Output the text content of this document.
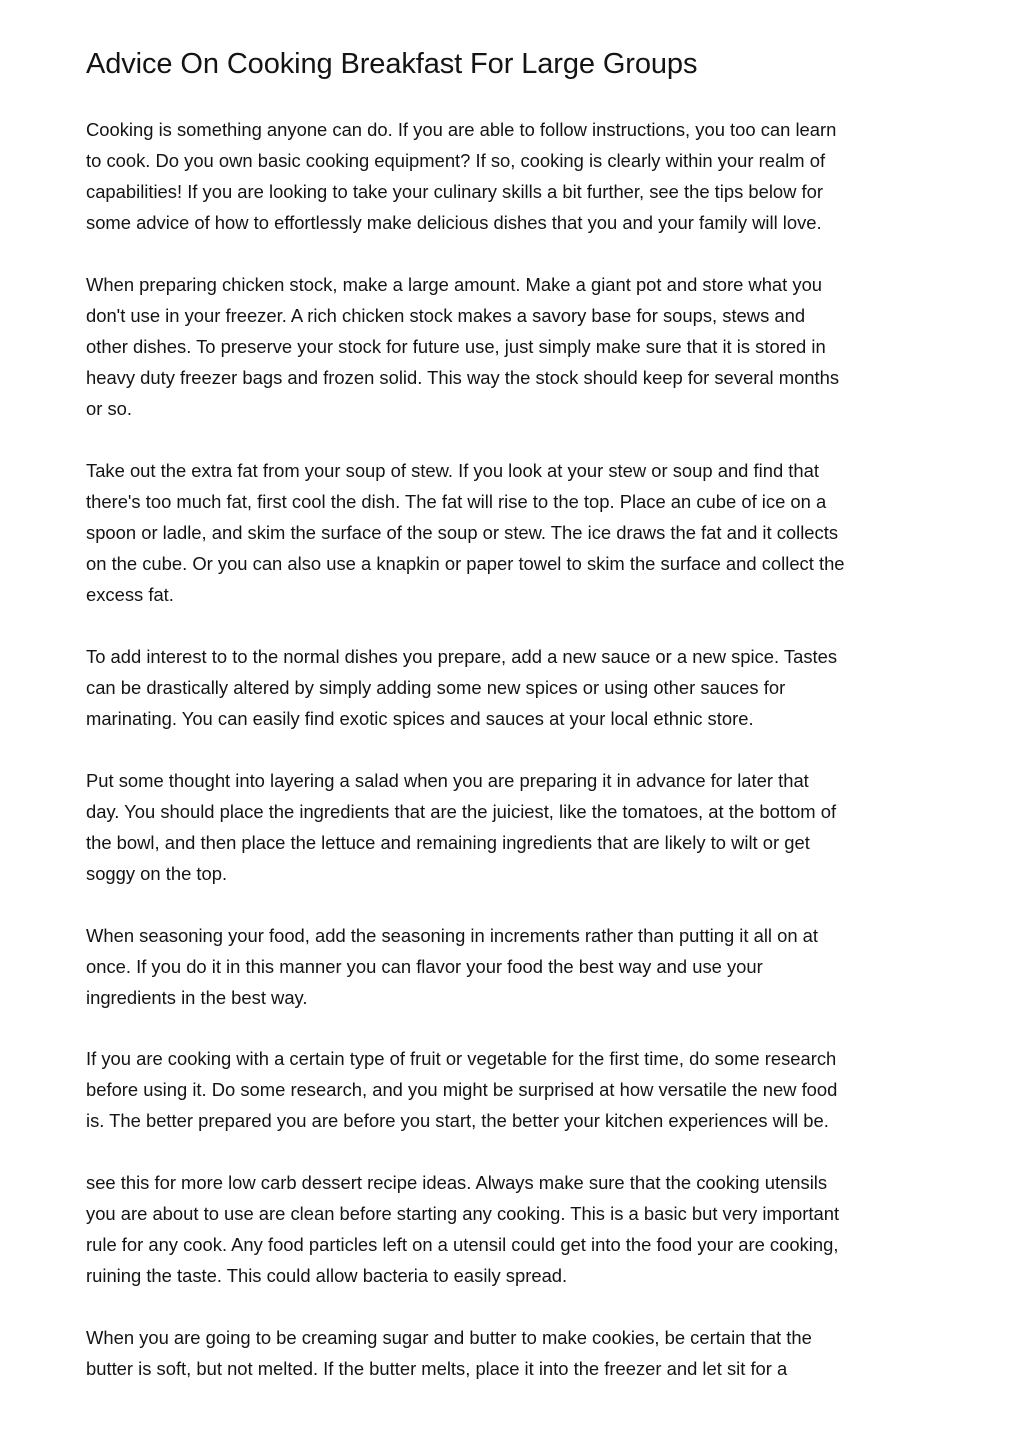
Advice On Cooking Breakfast For Large Groups

Cooking is something anyone can do. If you are able to follow instructions, you too can learn
to cook. Do you own basic cooking equipment? If so, cooking is clearly within your realm of
capabilities! If you are looking to take your culinary skills a bit further, see the tips below for
some advice of how to effortlessly make delicious dishes that you and your family will love.

When preparing chicken stock, make a large amount. Make a giant pot and store what you
don't use in your freezer. A rich chicken stock makes a savory base for soups, stews and
other dishes. To preserve your stock for future use, just simply make sure that it is stored in
heavy duty freezer bags and frozen solid. This way the stock should keep for several months
or so.

Take out the extra fat from your soup of stew. If you look at your stew or soup and find that
there's too much fat, first cool the dish. The fat will rise to the top. Place an cube of ice on a
spoon or ladle, and skim the surface of the soup or stew. The ice draws the fat and it collects
on the cube. Or you can also use a knapkin or paper towel to skim the surface and collect the
excess fat.

To add interest to to the normal dishes you prepare, add a new sauce or a new spice. Tastes
can be drastically altered by simply adding some new spices or using other sauces for
marinating. You can easily find exotic spices and sauces at your local ethnic store.

Put some thought into layering a salad when you are preparing it in advance for later that
day. You should place the ingredients that are the juiciest, like the tomatoes, at the bottom of
the bowl, and then place the lettuce and remaining ingredients that are likely to wilt or get
soggy on the top.

When seasoning your food, add the seasoning in increments rather than putting it all on at
once. If you do it in this manner you can flavor your food the best way and use your
ingredients in the best way.

If you are cooking with a certain type of fruit or vegetable for the first time, do some research
before using it. Do some research, and you might be surprised at how versatile the new food
is. The better prepared you are before you start, the better your kitchen experiences will be.

see this for more low carb dessert recipe ideas. Always make sure that the cooking utensils
you are about to use are clean before starting any cooking. This is a basic but very important
rule for any cook. Any food particles left on a utensil could get into the food your are cooking,
ruining the taste. This could allow bacteria to easily spread.

When you are going to be creaming sugar and butter to make cookies, be certain that the
butter is soft, but not melted. If the butter melts, place it into the freezer and let sit for a
